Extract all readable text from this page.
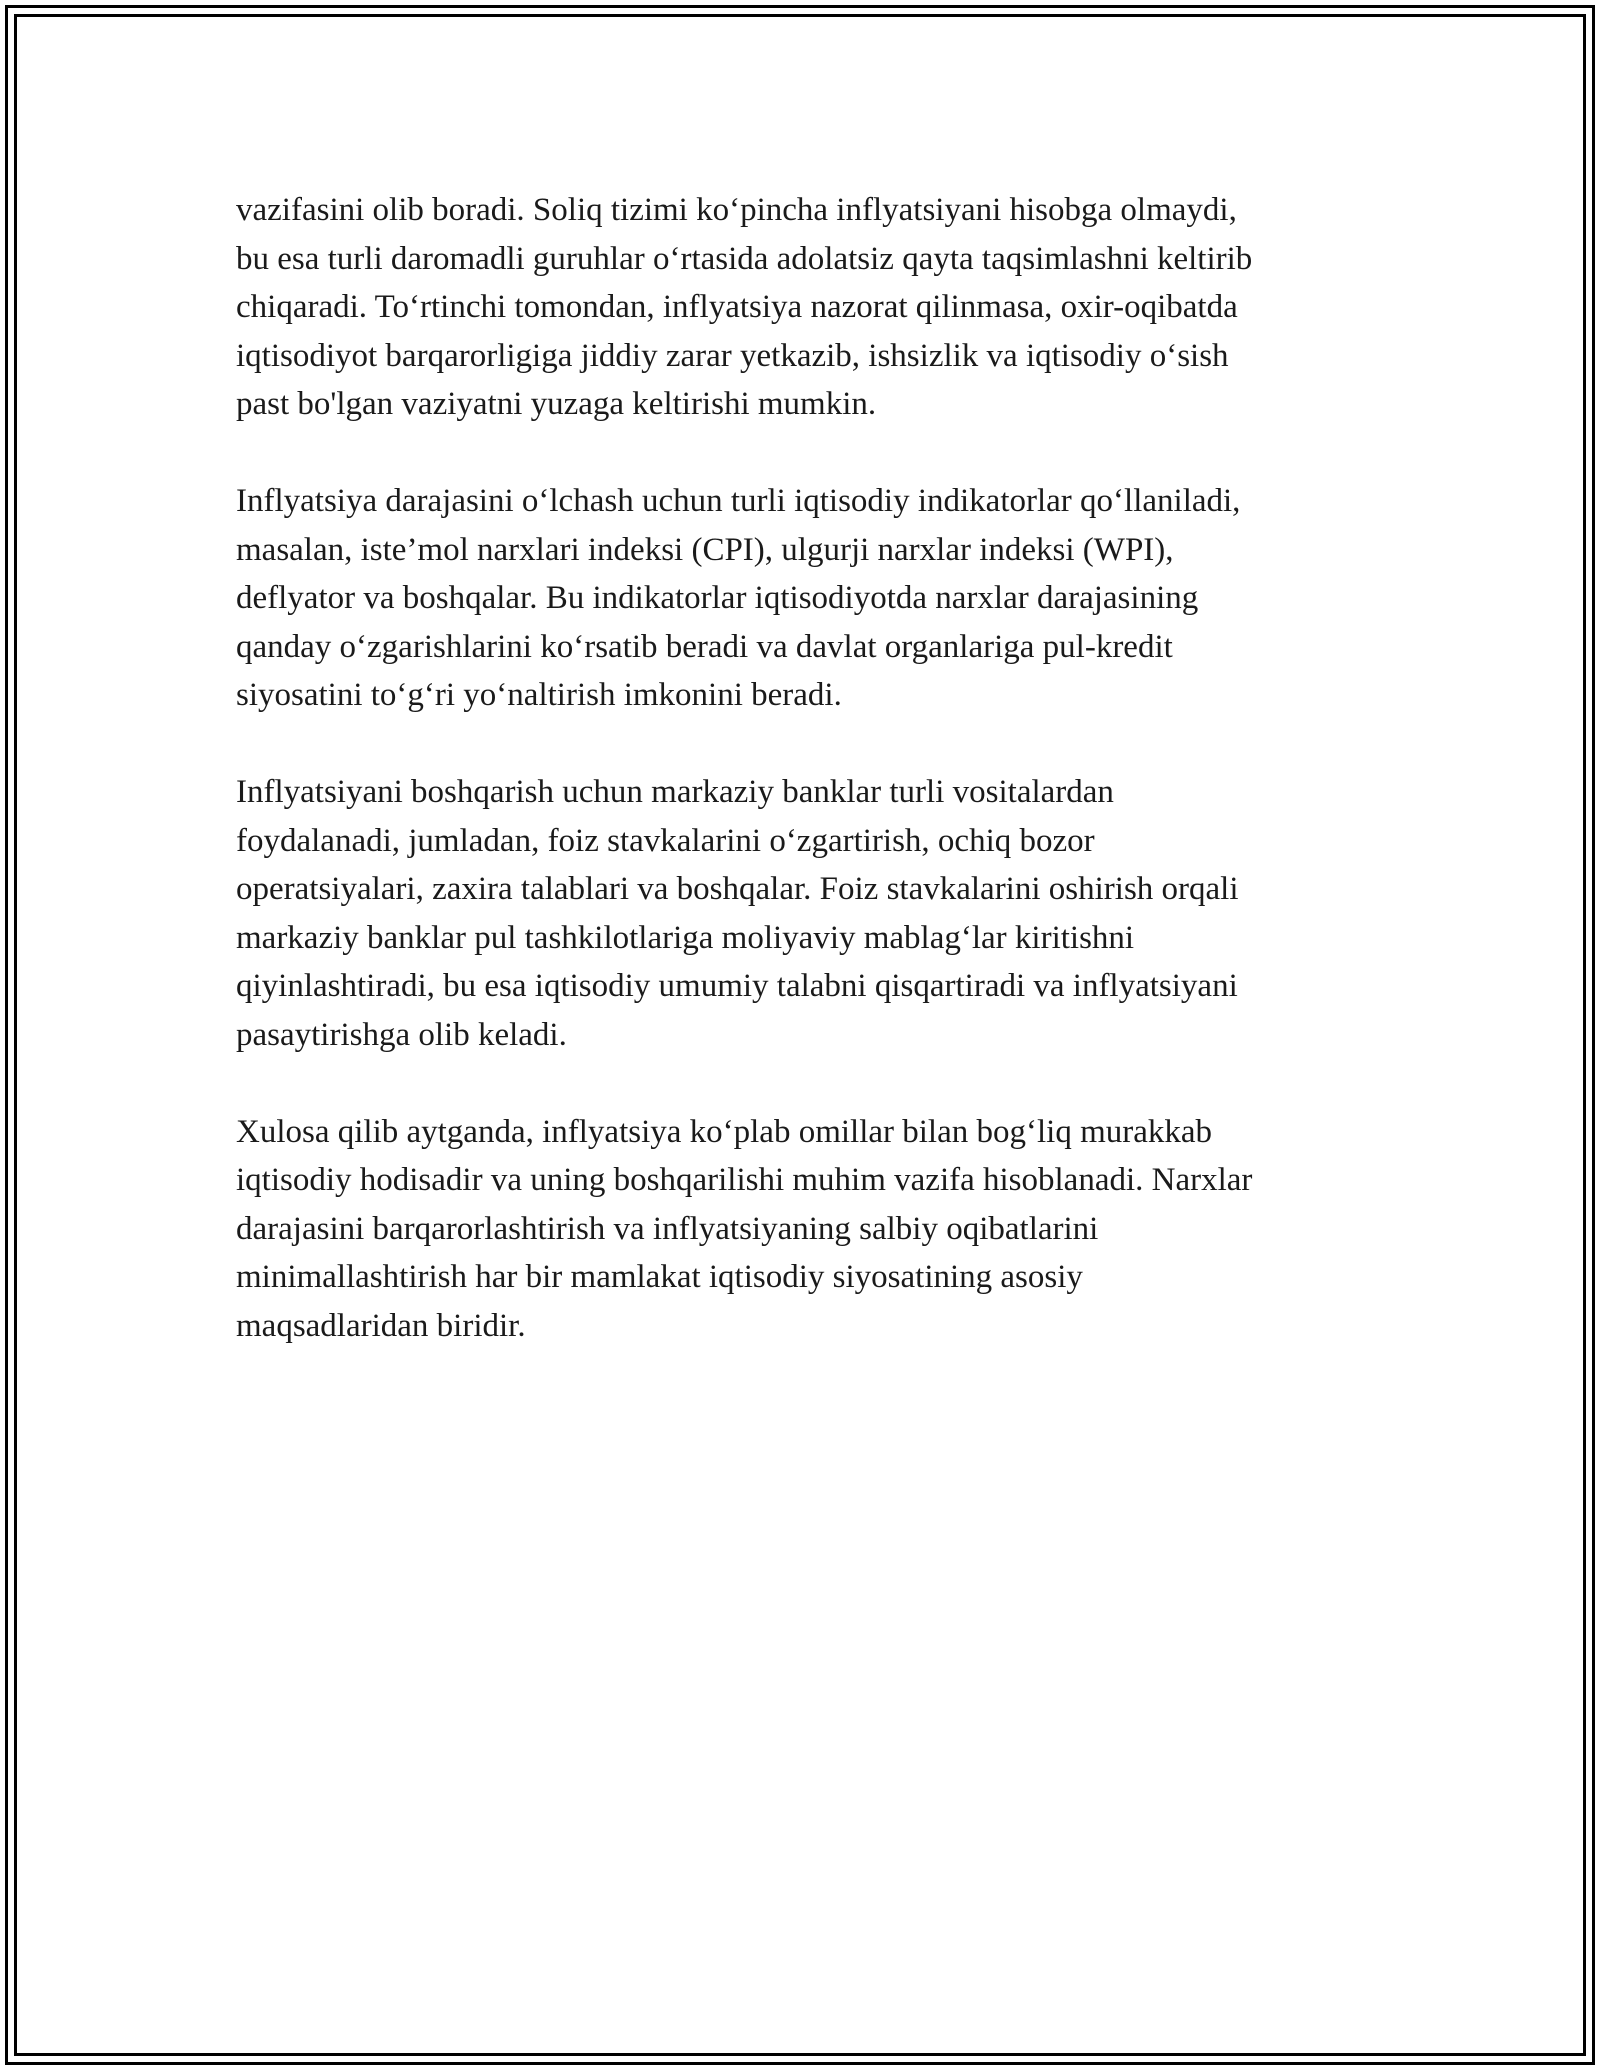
vazifasini olib boradi. Soliq tizimi ko‘pincha inflyatsiyani hisobga olmaydi,
bu esa turli daromadli guruhlar o‘rtasida adolatsiz qayta taqsimlashni keltirib
chiqaradi. To‘rtinchi tomondan, inflyatsiya nazorat qilinmasa, oxir-oqibatda
iqtisodiyot barqarorligiga jiddiy zarar yetkazib, ishsizlik va iqtisodiy o‘sish
past bo'lgan vaziyatni yuzaga keltirishi mumkin.

Inflyatsiya darajasini o‘lchash uchun turli iqtisodiy indikatorlar qo‘llaniladi,
masalan, iste’mol narxlari indeksi (CPI), ulgurji narxlar indeksi (WPI),
deflyator va boshqalar. Bu indikatorlar iqtisodiyotda narxlar darajasining
qanday o‘zgarishlarini ko‘rsatib beradi va davlat organlariga pul-kredit
siyosatini to‘g‘ri yo‘naltirish imkonini beradi.

Inflyatsiyani boshqarish uchun markaziy banklar turli vositalardan
foydalanadi, jumladan, foiz stavkalarini o‘zgartirish, ochiq bozor
operatsiyalari, zaxira talablari va boshqalar. Foiz stavkalarini oshirish orqali
markaziy banklar pul tashkilotlariga moliyaviy mablag‘lar kiritishni
qiyinlashtiradi, bu esa iqtisodiy umumiy talabni qisqartiradi va inflyatsiyani
pasaytirishga olib keladi.

Xulosa qilib aytganda, inflyatsiya ko‘plab omillar bilan bog‘liq murakkab
iqtisodiy hodisadir va uning boshqarilishi muhim vazifa hisoblanadi. Narxlar
darajasini barqarorlashtirish va inflyatsiyaning salbiy oqibatlarini
minimallashtirish har bir mamlakat iqtisodiy siyosatining asosiy
maqsadlaridan biridir.
